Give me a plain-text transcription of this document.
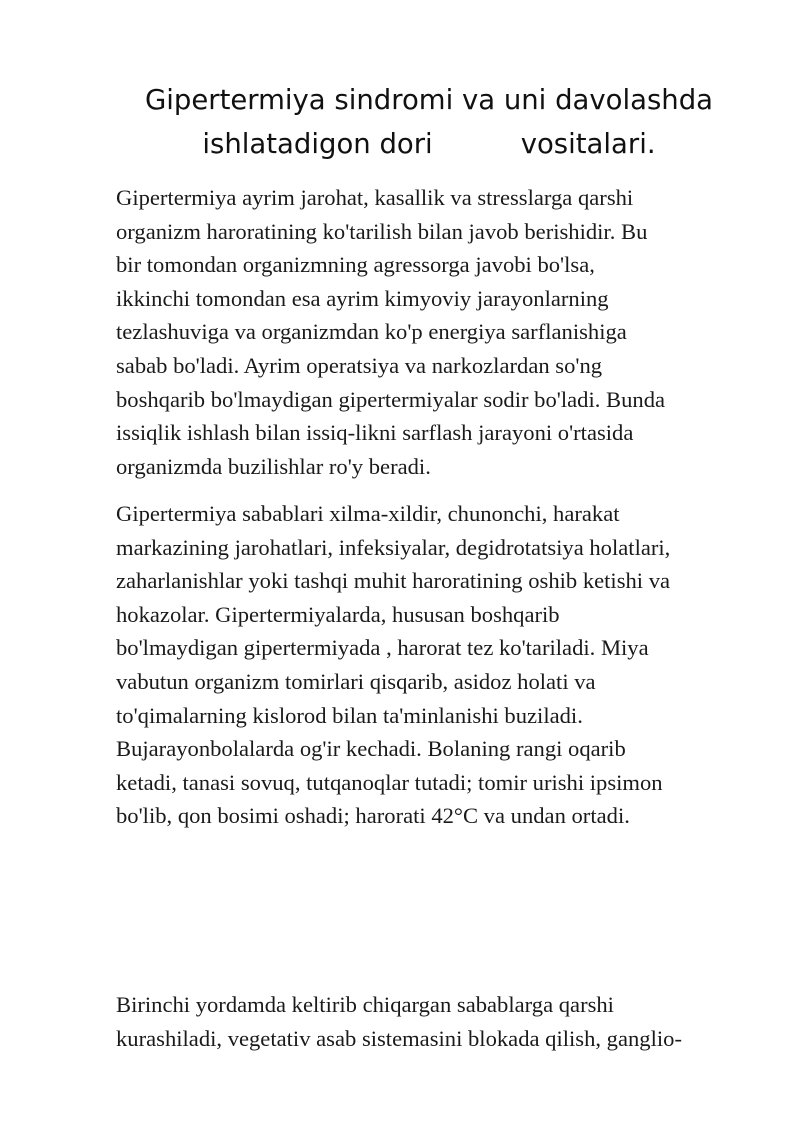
Gipertermiya sindromi va uni davolashda
ishlatadigon dori	vositalari.

Gipertermiya ayrim jarohat, kasallik va stresslarga qarshi
organizm haroratining ko'tarilish bilan javob berishidir. Bu
bir tomondan organizmning agressorga javobi bo'lsa,
ikkinchi tomondan esa ayrim kimyoviy jarayonlarning
tezlashuviga va organizmdan ko'p energiya sarflanishiga
sabab bo'ladi. Ayrim operatsiya va narkozlardan so'ng
boshqarib bo'lmaydigan gipertermiyalar sodir bo'ladi. Bunda
issiqlik ishlash bilan issiq-likni sarflash jarayoni o'rtasida
organizmda buzilishlar ro'y beradi.

Gipertermiya sabablari xilma-xildir, chunonchi, harakat
markazining jarohatlari, infeksiyalar, degidrotatsiya holatlari,
zaharlanishlar yoki tashqi muhit haroratining oshib ketishi va
hokazolar. Gipertermiyalarda, hususan boshqarib
bo'lmaydigan gipertermiyada , harorat tez ko'tariladi. Miya
vabutun organizm tomirlari qisqarib, asidoz holati va
to'qimalarning kislorod bilan ta'minlanishi buziladi.
Bujarayonbolalarda og'ir kechadi. Bolaning rangi oqarib
ketadi, tanasi sovuq, tutqanoqlar tutadi; tomir urishi ipsimon
bo'lib, qon bosimi oshadi; harorati 42°C va undan ortadi.

Birinchi yordamda keltirib chiqargan sabablarga qarshi
kurashiladi, vegetativ asab sistemasini blokada qilish, ganglio-
